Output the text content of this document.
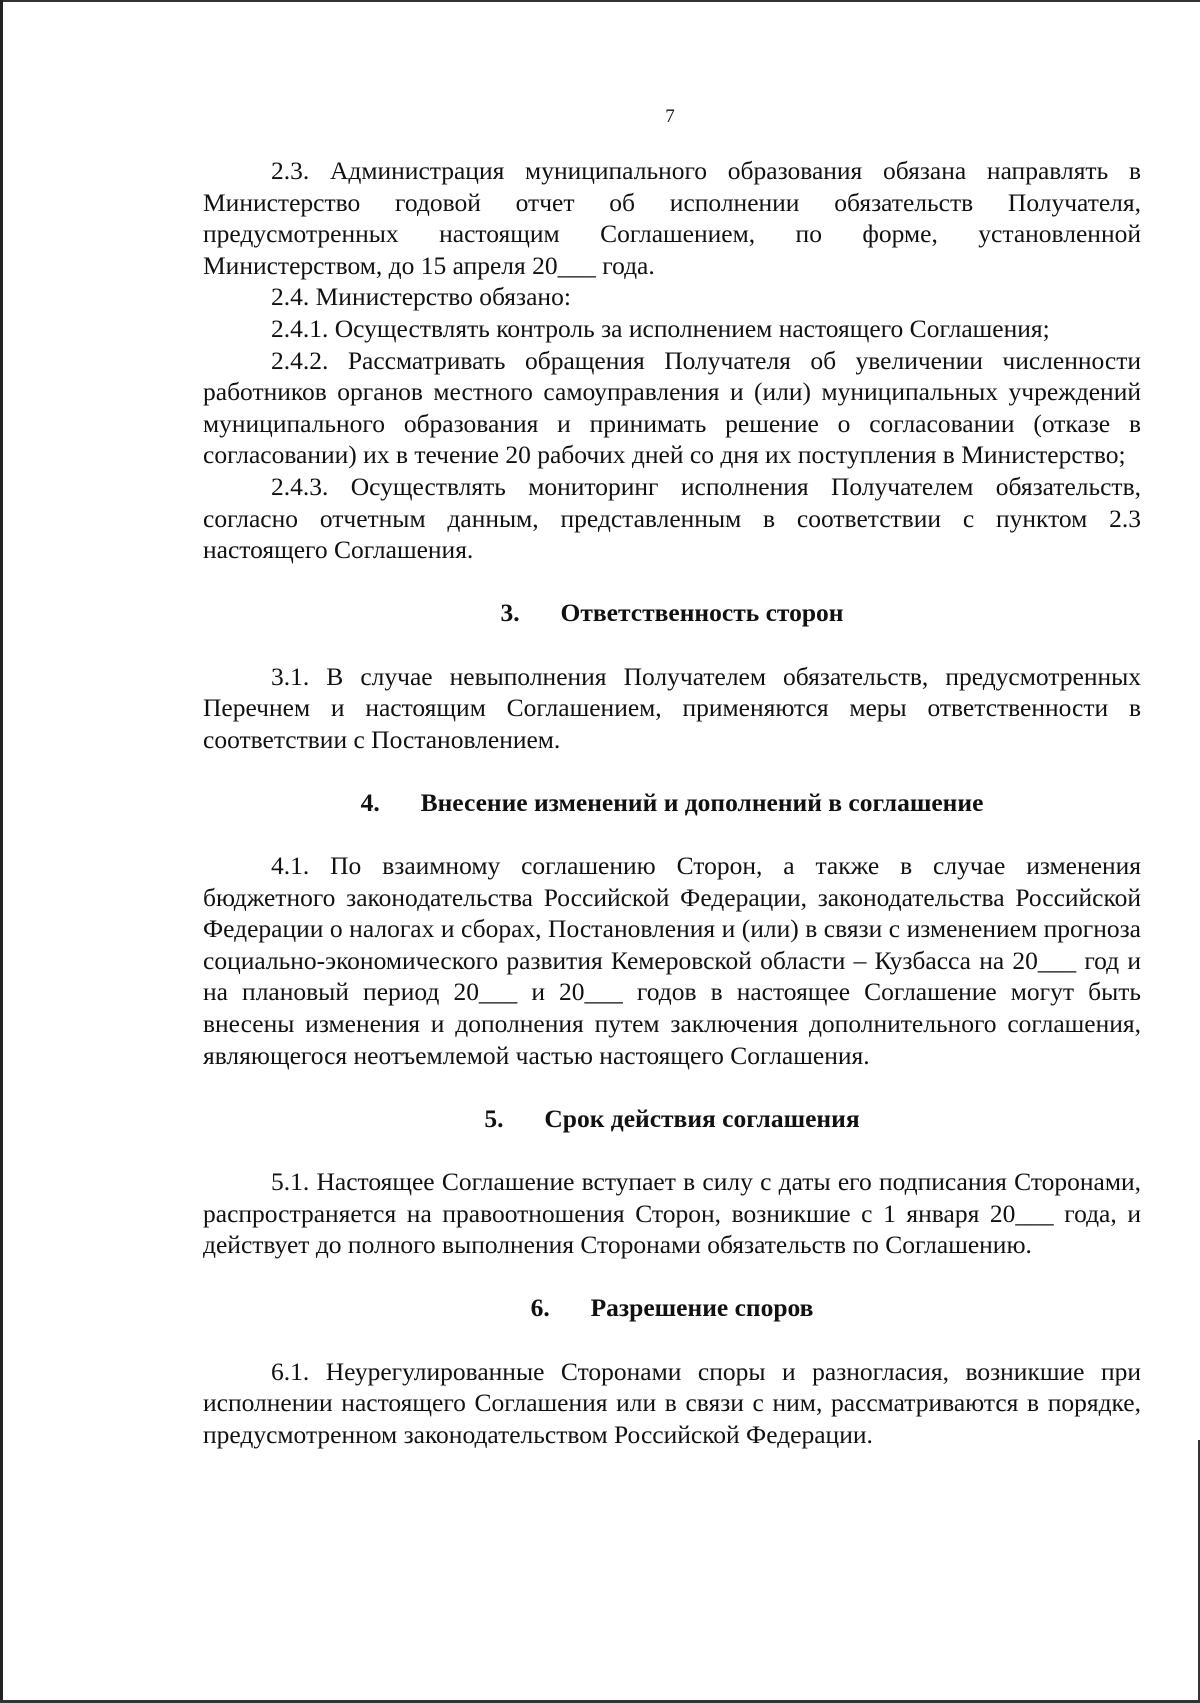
7

2.3. Администрация муниципального образования обязана направлять в Министерство годовой отчет об исполнении обязательств Получателя, предусмотренных настоящим Соглашением, по форме, установленной Министерством, до 15 апреля 20___ года.

2.4. Министерство обязано:

2.4.1. Осуществлять контроль за исполнением настоящего Соглашения;

2.4.2. Рассматривать обращения Получателя об увеличении численности работников органов местного самоуправления и (или) муниципальных учреждений муниципального образования и принимать решение о согласовании (отказе в согласовании) их в течение 20 рабочих дней со дня их поступления в Министерство;

2.4.3. Осуществлять мониторинг исполнения Получателем обязательств, согласно отчетным данным, представленным в соответствии с пунктом 2.3 настоящего Соглашения.

3. Ответственность сторон

3.1. В случае невыполнения Получателем обязательств, предусмотренных Перечнем и настоящим Соглашением, применяются меры ответственности в соответствии с Постановлением.

4. Внесение изменений и дополнений в соглашение

4.1. По взаимному соглашению Сторон, а также в случае изменения бюджетного законодательства Российской Федерации, законодательства Российской Федерации о налогах и сборах, Постановления и (или) в связи с изменением прогноза социально-экономического развития Кемеровской области – Кузбасса на 20___ год и на плановый период 20___ и 20___ годов в настоящее Соглашение могут быть внесены изменения и дополнения путем заключения дополнительного соглашения, являющегося неотъемлемой частью настоящего Соглашения.

5. Срок действия соглашения

5.1. Настоящее Соглашение вступает в силу с даты его подписания Сторонами, распространяется на правоотношения Сторон, возникшие с 1 января 20___ года, и действует до полного выполнения Сторонами обязательств по Соглашению.

6. Разрешение споров

6.1. Неурегулированные Сторонами споры и разногласия, возникшие при исполнении настоящего Соглашения или в связи с ним, рассматриваются в порядке, предусмотренном законодательством Российской Федерации.
